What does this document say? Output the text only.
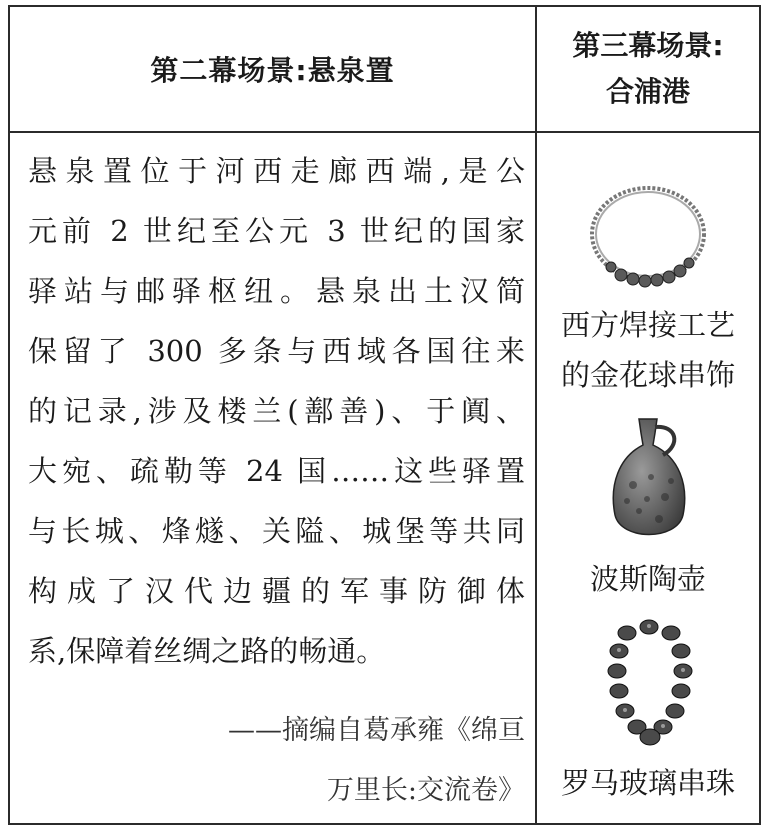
第二幕场景:悬泉置
第三幕场景:
合浦港
悬泉置位于河西走廊西端,是公
元前 2 世纪至公元 3 世纪的国家
驿站与邮驿枢纽。悬泉出土汉简
保留了 300 多条与西域各国往来
的记录,涉及楼兰(鄯善)、于阗、
大宛、疏勒等 24 国……这些驿置
与长城、烽燧、关隘、城堡等共同
构成了汉代边疆的军事防御体
系,保障着丝绸之路的畅通。
——摘编自葛承雍《绵亘
万里长:交流卷》
西方焊接工艺
的金花球串饰
波斯陶壶
罗马玻璃串珠
